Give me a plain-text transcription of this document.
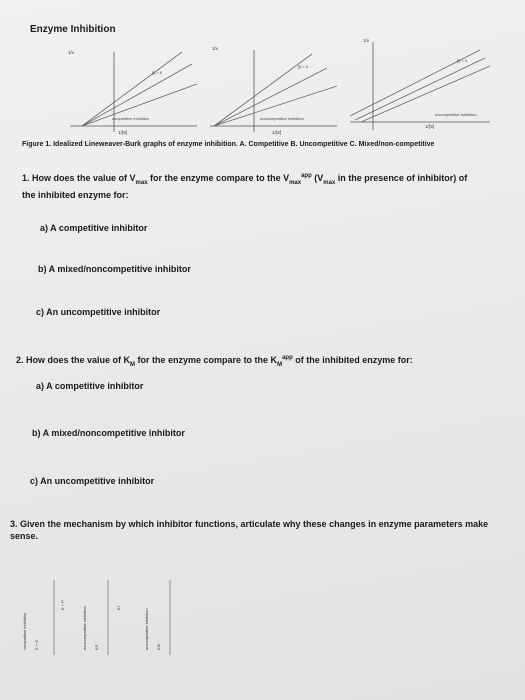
Enzyme Inhibition

1/v
1/[S]
[I] = 0
competitive inhibition
1/v
1/[S]
[I] = 0
noncompetitive inhibition
1/v
1/[S]
[I] = 0
uncompetitive inhibition

Figure 1. Idealized Lineweaver-Burk graphs of enzyme inhibition. A. Competitive B. Uncompetitive C. Mixed/non-competitive

1. How does the value of $V_{max}$ for the enzyme compare to the $V_{max}^{app}$ ($V_{max}$ in the presence of inhibitor) of the inhibited enzyme for:

a) A competitive inhibitor

b) A mixed/noncompetitive inhibitor

c) An uncompetitive inhibitor

2. How does the value of $K_M$ for the enzyme compare to the $K_M^{app}$ of the inhibited enzyme for:

a) A competitive inhibitor

b) A mixed/noncompetitive inhibitor

c) An uncompetitive inhibitor

3. Given the mechanism by which inhibitor functions, articulate why these changes in enzyme parameters make sense.

competitive inhibition E + S
E + P
noncompetitive inhibition ES
EI
uncompetitive inhibition ESI
